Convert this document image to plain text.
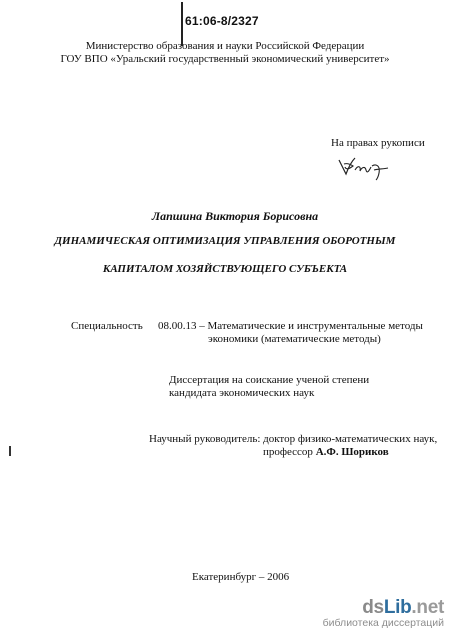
61:06-8/2327
Министерство образования и науки Российской Федерации
ГОУ ВПО «Уральский государственный экономический университет»
На правах рукописи
Лапшина Виктория Борисовна
ДИНАМИЧЕСКАЯ ОПТИМИЗАЦИЯ УПРАВЛЕНИЯ ОБОРОТНЫМ
КАПИТАЛОМ ХОЗЯЙСТВУЮЩЕГО СУБЪЕКТА
Специальность 08.00.13 – Математические и инструментальные методы
экономики (математические методы)
Диссертация на соискание ученой степени
кандидата экономических наук
Научный руководитель: доктор физико-математических наук,
профессор А.Ф. Шориков
Екатеринбург – 2006
dsLib.net
библиотека диссертаций
